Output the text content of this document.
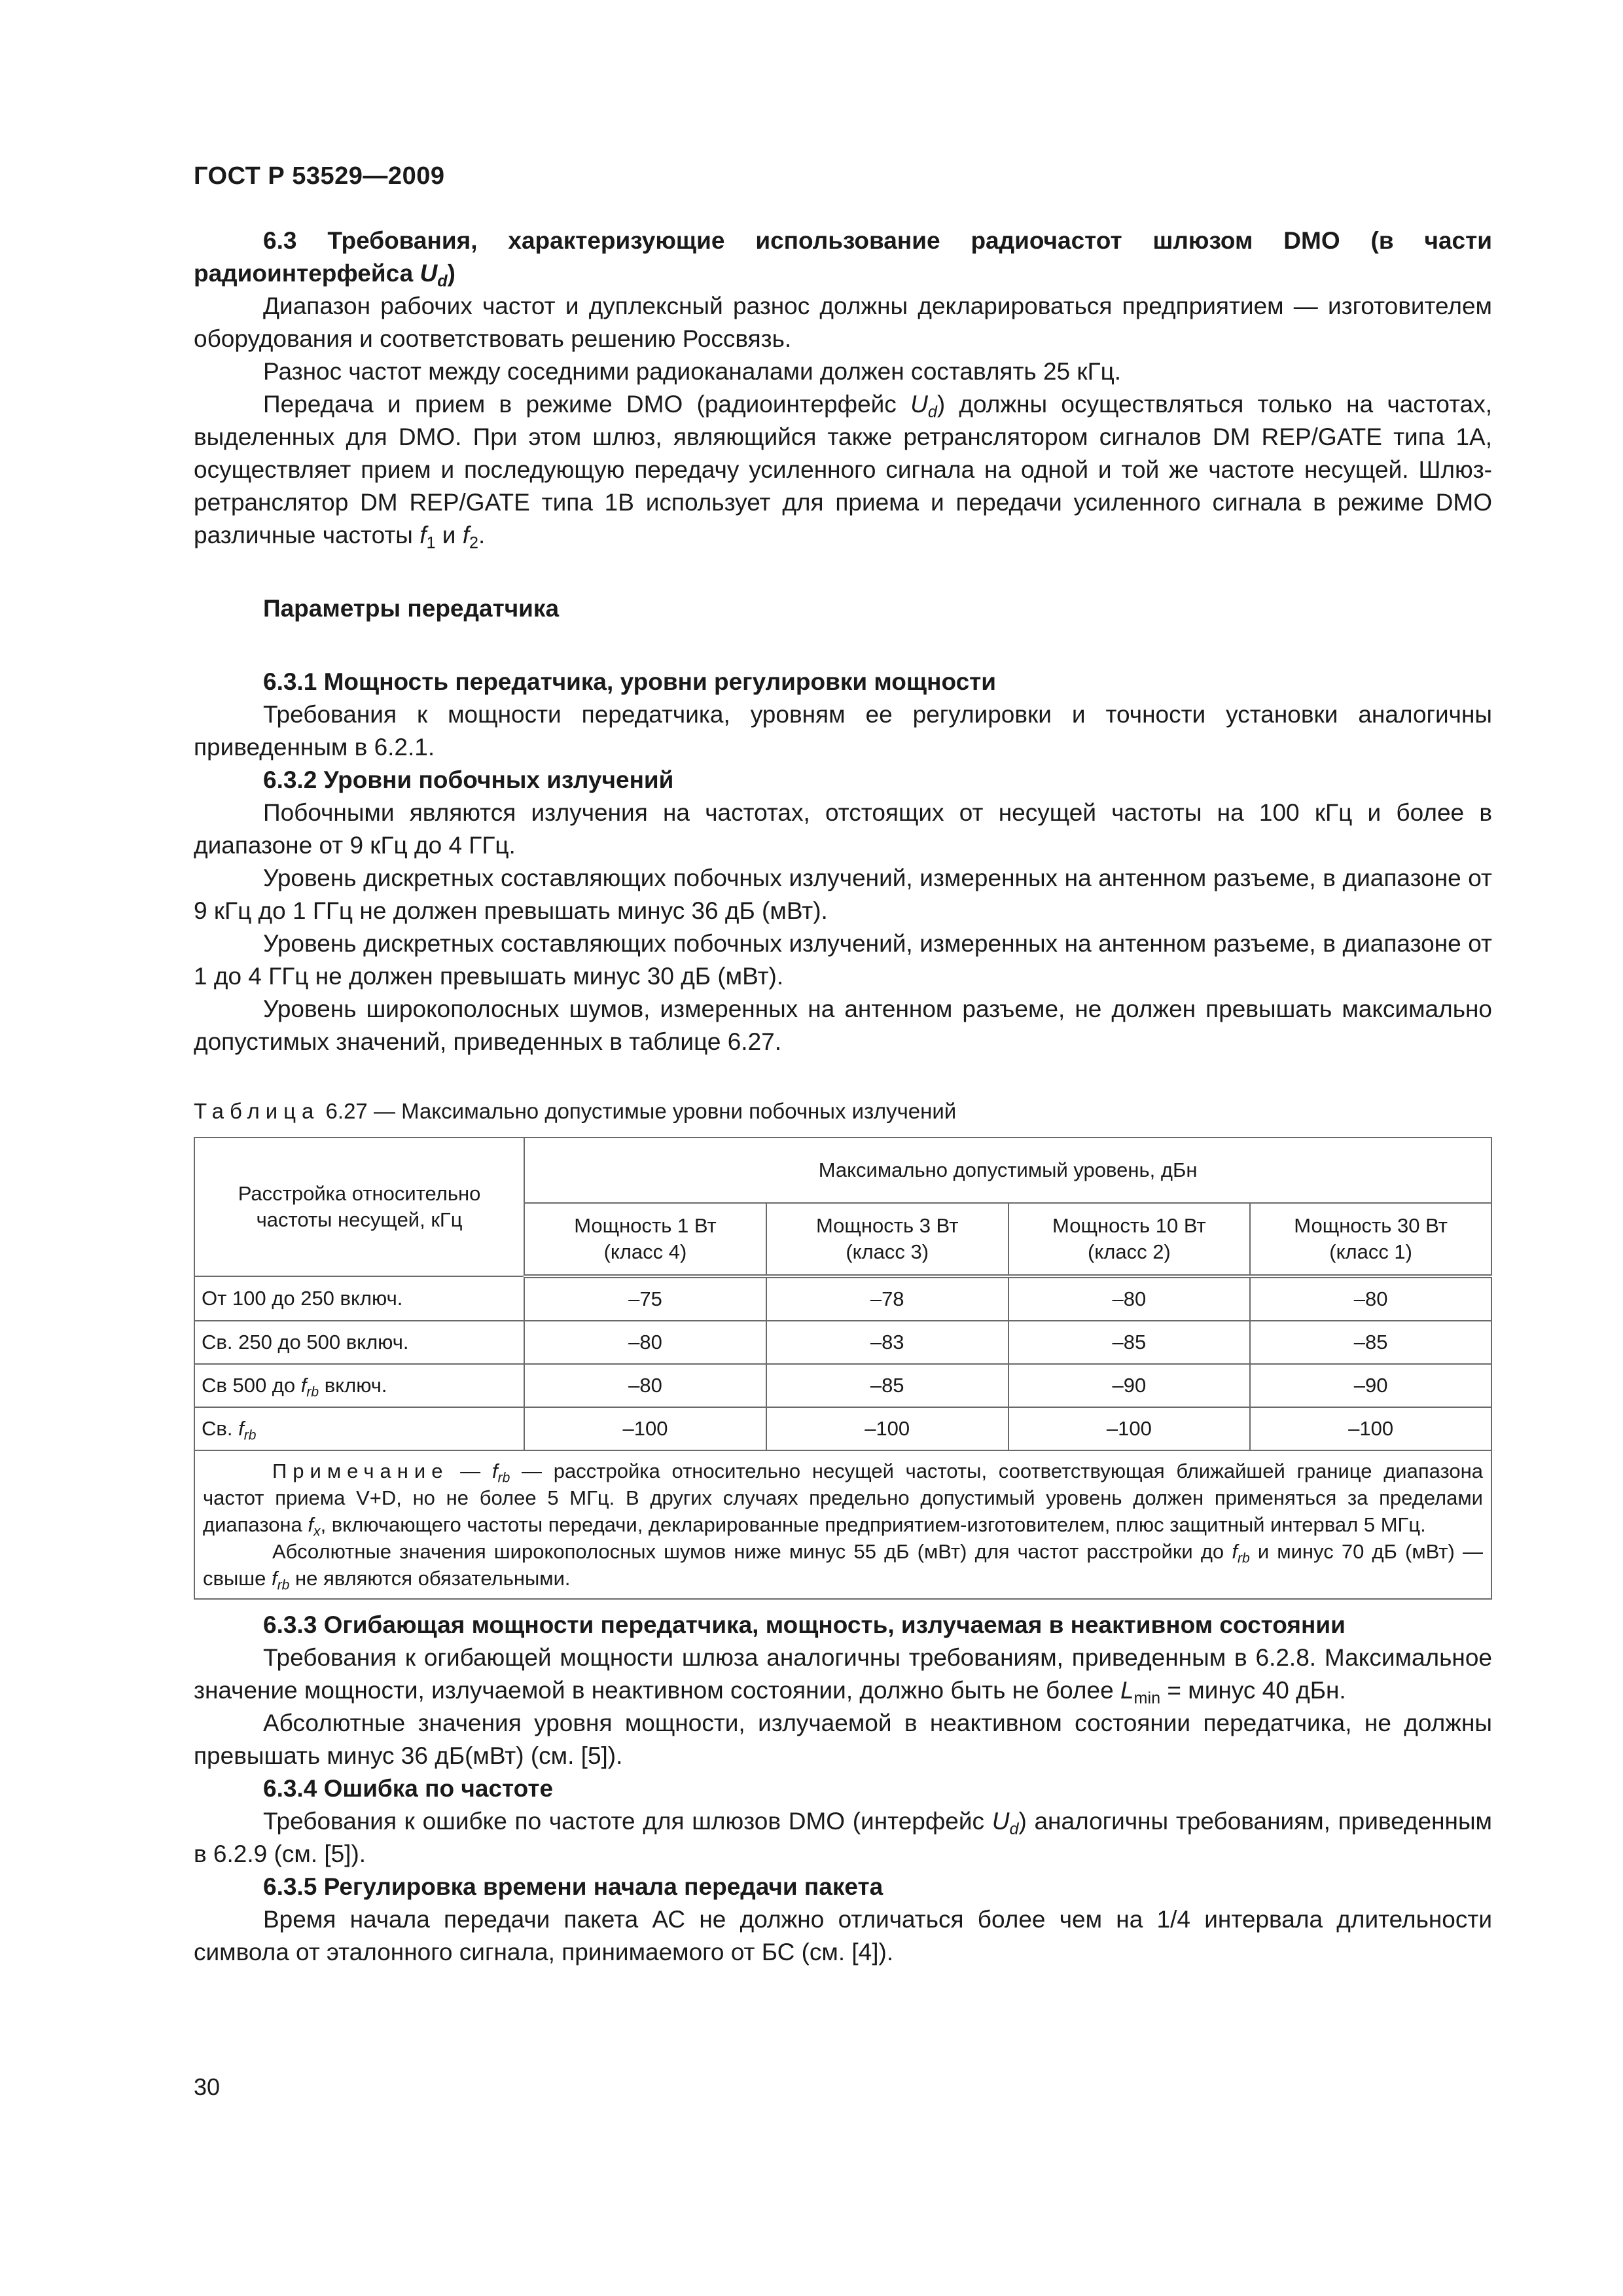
ГОСТ Р 53529—2009

6.3 Требования, характеризующие использование радиочастот шлюзом DMO (в части радиоинтерфейса $U_d$)

Диапазон рабочих частот и дуплексный разнос должны декларироваться предприятием — изготовителем оборудования и соответствовать решению Россвязь.

Разнос частот между соседними радиоканалами должен составлять 25 кГц.

Передача и прием в режиме DMO (радиоинтерфейс $U_d$) должны осуществляться только на частотах, выделенных для DMO. При этом шлюз, являющийся также ретранслятором сигналов DM REP/GATE типа 1А, осуществляет прием и последующую передачу усиленного сигнала на одной и той же частоте несущей. Шлюз-ретранслятор DM REP/GATE типа 1В использует для приема и передачи усиленного сигнала в режиме DMO различные частоты $f_1$ и $f_2$.

Параметры передатчика

6.3.1 Мощность передатчика, уровни регулировки мощности

Требования к мощности передатчика, уровням ее регулировки и точности установки аналогичны приведенным в 6.2.1.

6.3.2 Уровни побочных излучений

Побочными являются излучения на частотах, отстоящих от несущей частоты на 100 кГц и более в диапазоне от 9 кГц до 4 ГГц.

Уровень дискретных составляющих побочных излучений, измеренных на антенном разъеме, в диапазоне от 9 кГц до 1 ГГц не должен превышать минус 36 дБ (мВт).

Уровень дискретных составляющих побочных излучений, измеренных на антенном разъеме, в диапазоне от 1 до 4 ГГц не должен превышать минус 30 дБ (мВт).

Уровень широкополосных шумов, измеренных на антенном разъеме, не должен превышать максимально допустимых значений, приведенных в таблице 6.27.

Таблица 6.27 — Максимально допустимые уровни побочных излучений
Расстройка относительно частоты несущей, кГц	Максимально допустимый уровень, дБн			
	Мощность 1 Вт (класс 4)	Мощность 3 Вт (класс 3)	Мощность 10 Вт (класс 2)	Мощность 30 Вт (класс 1)
От 100 до 250 включ.	–75	–78	–80	–80
Св. 250 до 500 включ.	–80	–83	–85	–85
Св 500 до $f_{rb}$ включ.	–80	–85	–90	–90
Св. $f_{rb}$	–100	–100	–100	–100

Примечание — $f_{rb}$ — расстройка относительно несущей частоты, соответствующая ближайшей границе диапазона частот приема V+D, но не более 5 МГц. В других случаях предельно допустимый уровень должен применяться за пределами диапазона $f_x$, включающего частоты передачи, декларированные предприятием-изготовителем, плюс защитный интервал 5 МГц.
Абсолютные значения широкополосных шумов ниже минус 55 дБ (мВт) для частот расстройки до $f_{rb}$ и минус 70 дБ (мВт) — свыше $f_{rb}$ не являются обязательными.				

6.3.3 Огибающая мощности передатчика, мощность, излучаемая в неактивном состоянии

Требования к огибающей мощности шлюза аналогичны требованиям, приведенным в 6.2.8. Максимальное значение мощности, излучаемой в неактивном состоянии, должно быть не более $L_{min}$ = минус 40 дБн.

Абсолютные значения уровня мощности, излучаемой в неактивном состоянии передатчика, не должны превышать минус 36 дБ(мВт) (см. [5]).

6.3.4 Ошибка по частоте

Требования к ошибке по частоте для шлюзов DMO (интерфейс $U_d$) аналогичны требованиям, приведенным в 6.2.9 (см. [5]).

6.3.5 Регулировка времени начала передачи пакета

Время начала передачи пакета АС не должно отличаться более чем на 1/4 интервала длительности символа от эталонного сигнала, принимаемого от БС (см. [4]).

30
